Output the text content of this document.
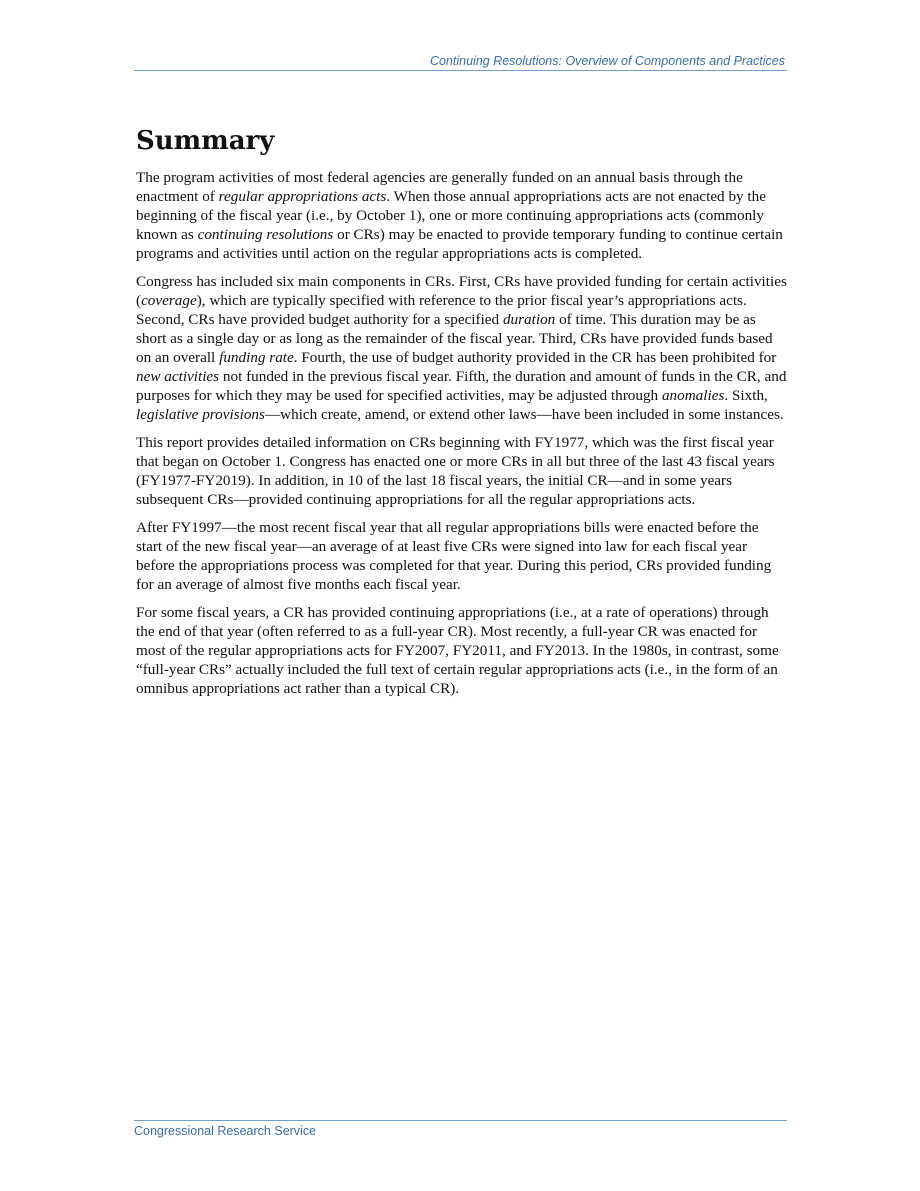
Continuing Resolutions: Overview of Components and Practices
Summary

The program activities of most federal agencies are generally funded on an annual basis through the enactment of regular appropriations acts. When those annual appropriations acts are not enacted by the beginning of the fiscal year (i.e., by October 1), one or more continuing appropriations acts (commonly known as continuing resolutions or CRs) may be enacted to provide temporary funding to continue certain programs and activities until action on the regular appropriations acts is completed.

Congress has included six main components in CRs. First, CRs have provided funding for certain activities (coverage), which are typically specified with reference to the prior fiscal year’s appropriations acts. Second, CRs have provided budget authority for a specified duration of time. This duration may be as short as a single day or as long as the remainder of the fiscal year. Third, CRs have provided funds based on an overall funding rate. Fourth, the use of budget authority provided in the CR has been prohibited for new activities not funded in the previous fiscal year. Fifth, the duration and amount of funds in the CR, and purposes for which they may be used for specified activities, may be adjusted through anomalies. Sixth, legislative provisions—which create, amend, or extend other laws—have been included in some instances.

This report provides detailed information on CRs beginning with FY1977, which was the first fiscal year that began on October 1. Congress has enacted one or more CRs in all but three of the last 43 fiscal years (FY1977-FY2019). In addition, in 10 of the last 18 fiscal years, the initial CR—and in some years subsequent CRs—provided continuing appropriations for all the regular appropriations acts.

After FY1997—the most recent fiscal year that all regular appropriations bills were enacted before the start of the new fiscal year—an average of at least five CRs were signed into law for each fiscal year before the appropriations process was completed for that year. During this period, CRs provided funding for an average of almost five months each fiscal year.

For some fiscal years, a CR has provided continuing appropriations (i.e., at a rate of operations) through the end of that year (often referred to as a full-year CR). Most recently, a full-year CR was enacted for most of the regular appropriations acts for FY2007, FY2011, and FY2013. In the 1980s, in contrast, some “full-year CRs” actually included the full text of certain regular appropriations acts (i.e., in the form of an omnibus appropriations act rather than a typical CR).

Congressional Research Service
